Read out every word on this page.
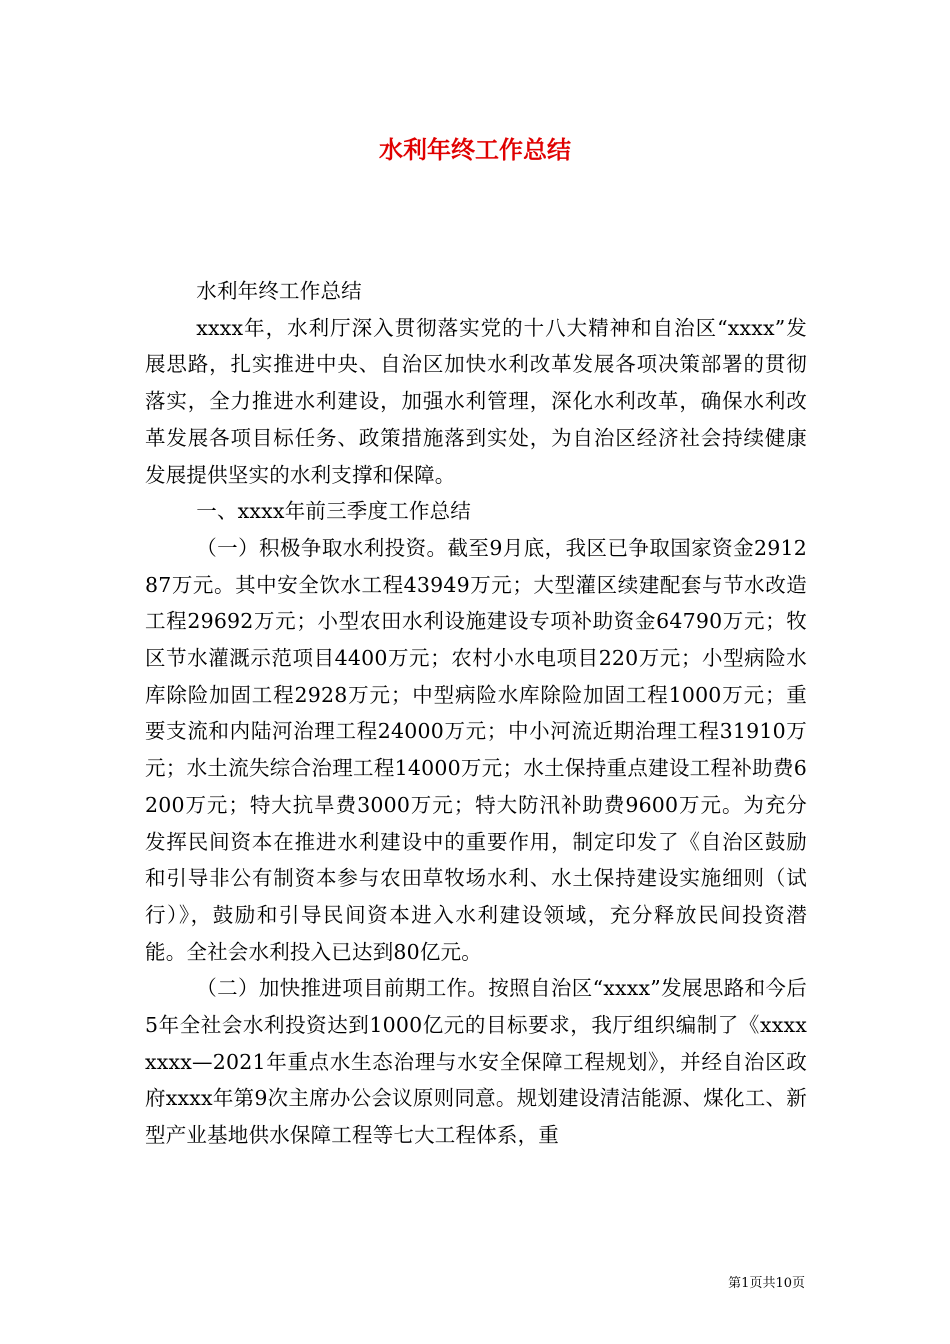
水利年终工作总结

水利年终工作总结

xxxx年，水利厅深入贯彻落实党的十八大精神和自治区“xxxx”发展思路，扎实推进中央、自治区加快水利改革发展各项决策部署的贯彻落实，全力推进水利建设，加强水利管理，深化水利改革，确保水利改革发展各项目标任务、政策措施落到实处，为自治区经济社会持续健康发展提供坚实的水利支撑和保障。

一、xxxx年前三季度工作总结

（一）积极争取水利投资。截至9月底，我区已争取国家资金291287万元。其中安全饮水工程43949万元；大型灌区续建配套与节水改造工程29692万元；小型农田水利设施建设专项补助资金64790万元；牧区节水灌溉示范项目4400万元；农村小水电项目220万元；小型病险水库除险加固工程2928万元；中型病险水库除险加固工程1000万元；重要支流和内陆河治理工程24000万元；中小河流近期治理工程31910万元；水土流失综合治理工程14000万元；水土保持重点建设工程补助费6200万元；特大抗旱费3000万元；特大防汛补助费9600万元。为充分发挥民间资本在推进水利建设中的重要作用，制定印发了《自治区鼓励和引导非公有制资本参与农田草牧场水利、水土保持建设实施细则（试行）》，鼓励和引导民间资本进入水利建设领域，充分释放民间投资潜能。全社会水利投入已达到80亿元。

（二）加快推进项目前期工作。按照自治区“xxxx”发展思路和今后5年全社会水利投资达到1000亿元的目标要求，我厅组织编制了《xxxxxxxx—2021年重点水生态治理与水安全保障工程规划》，并经自治区政府xxxx年第9次主席办公会议原则同意。规划建设清洁能源、煤化工、新型产业基地供水保障工程等七大工程体系，重

第1页共10页
